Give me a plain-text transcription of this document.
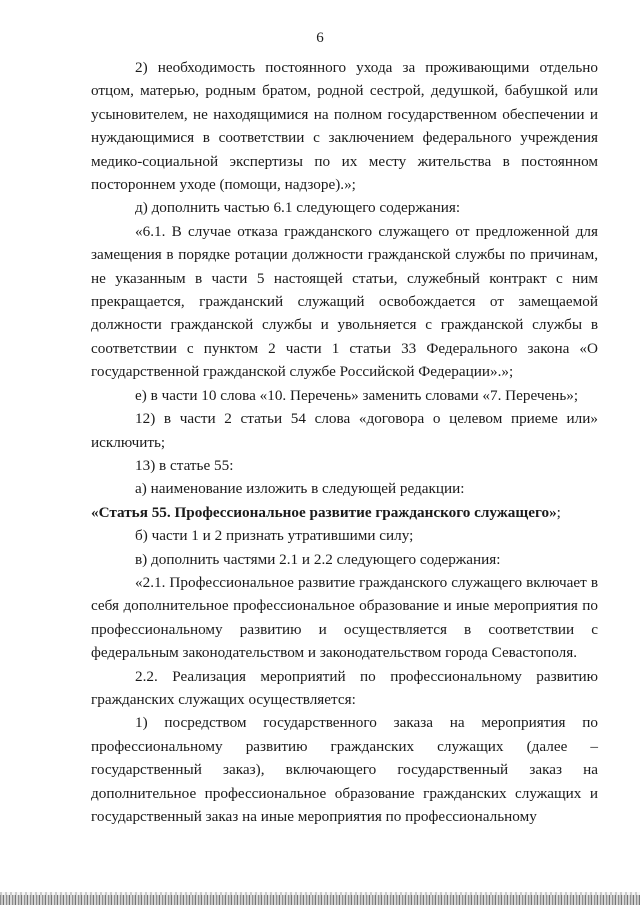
6

2) необходимость постоянного ухода за проживающими отдельно отцом, матерью, родным братом, родной сестрой, дедушкой, бабушкой или усыновителем, не находящимися на полном государственном обеспечении и нуждающимися в соответствии с заключением федерального учреждения медико-социальной экспертизы по их месту жительства в постоянном постороннем уходе (помощи, надзоре).»;

д) дополнить частью 6.1 следующего содержания:

«6.1. В случае отказа гражданского служащего от предложенной для замещения в порядке ротации должности гражданской службы по причинам, не указанным в части 5 настоящей статьи, служебный контракт с ним прекращается, гражданский служащий освобождается от замещаемой должности гражданской службы и увольняется с гражданской службы в соответствии с пунктом 2 части 1 статьи 33 Федерального закона «О государственной гражданской службе Российской Федерации».»;

е) в части 10 слова «10. Перечень» заменить словами «7. Перечень»;

12) в части 2 статьи 54 слова «договора о целевом приеме или» исключить;

13) в статье 55:

а) наименование изложить в следующей редакции:

«Статья 55. Профессиональное развитие гражданского служащего»;

б) части 1 и 2 признать утратившими силу;

в) дополнить частями 2.1 и 2.2 следующего содержания:

«2.1. Профессиональное развитие гражданского служащего включает в себя дополнительное профессиональное образование и иные мероприятия по профессиональному развитию и осуществляется в соответствии с федеральным законодательством и законодательством города Севастополя.

2.2. Реализация мероприятий по профессиональному развитию гражданских служащих осуществляется:

1) посредством государственного заказа на мероприятия по профессиональному развитию гражданских служащих (далее – государственный заказ), включающего государственный заказ на дополнительное профессиональное образование гражданских служащих и государственный заказ на иные мероприятия по профессиональному
